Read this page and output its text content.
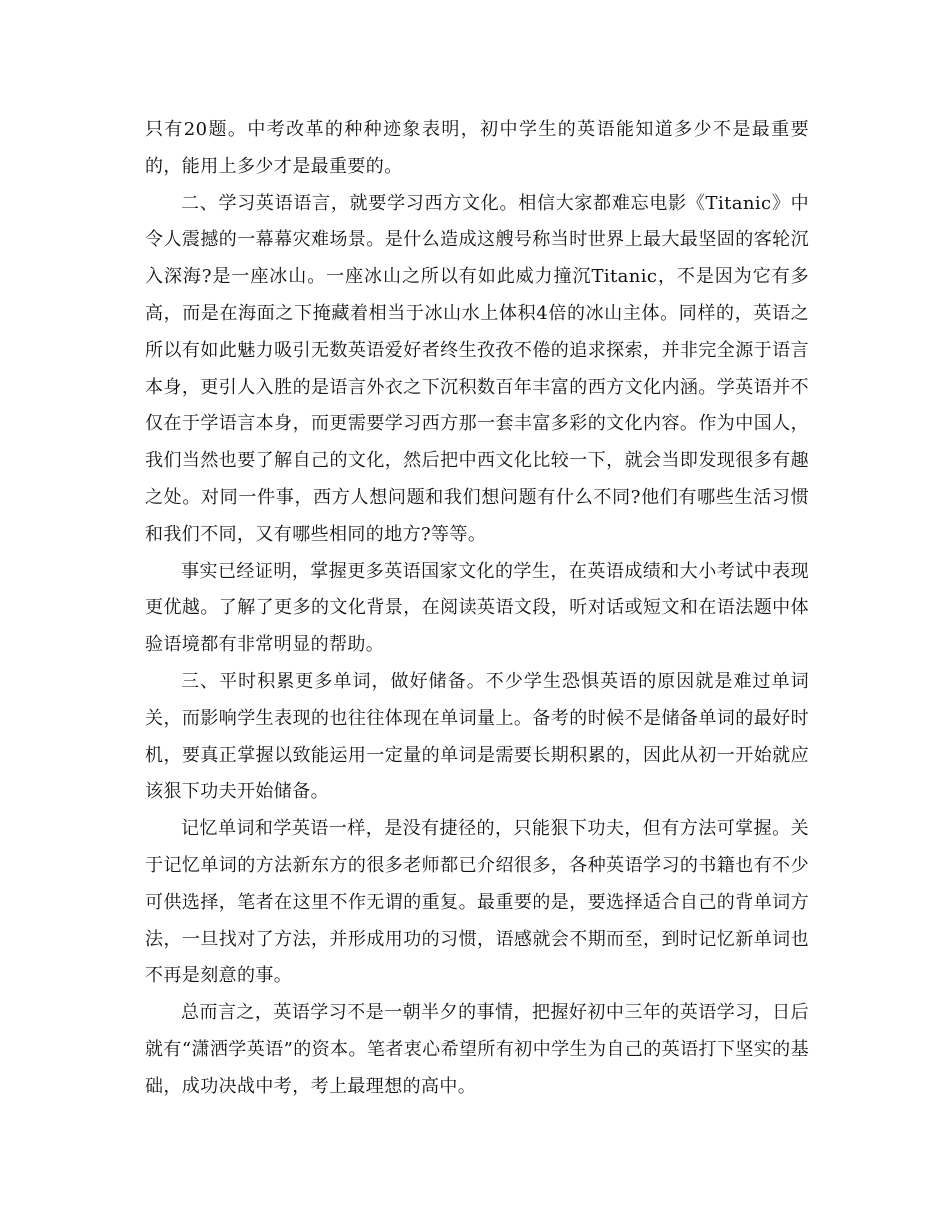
只有20题。中考改革的种种迹象表明，初中学生的英语能知道多少不是最重要的，能用上多少才是最重要的。

二、学习英语语言，就要学习西方文化。相信大家都难忘电影《Titanic》中令人震撼的一幕幕灾难场景。是什么造成这艘号称当时世界上最大最坚固的客轮沉入深海?是一座冰山。一座冰山之所以有如此威力撞沉Titanic，不是因为它有多高，而是在海面之下掩藏着相当于冰山水上体积4倍的冰山主体。同样的，英语之所以有如此魅力吸引无数英语爱好者终生孜孜不倦的追求探索，并非完全源于语言本身，更引人入胜的是语言外衣之下沉积数百年丰富的西方文化内涵。学英语并不仅在于学语言本身，而更需要学习西方那一套丰富多彩的文化内容。作为中国人，我们当然也要了解自己的文化，然后把中西文化比较一下，就会当即发现很多有趣之处。对同一件事，西方人想问题和我们想问题有什么不同?他们有哪些生活习惯和我们不同，又有哪些相同的地方?等等。

事实已经证明，掌握更多英语国家文化的学生，在英语成绩和大小考试中表现更优越。了解了更多的文化背景，在阅读英语文段，听对话或短文和在语法题中体验语境都有非常明显的帮助。

三、平时积累更多单词，做好储备。不少学生恐惧英语的原因就是难过单词关，而影响学生表现的也往往体现在单词量上。备考的时候不是储备单词的最好时机，要真正掌握以致能运用一定量的单词是需要长期积累的，因此从初一开始就应该狠下功夫开始储备。

记忆单词和学英语一样，是没有捷径的，只能狠下功夫，但有方法可掌握。关于记忆单词的方法新东方的很多老师都已介绍很多，各种英语学习的书籍也有不少可供选择，笔者在这里不作无谓的重复。最重要的是，要选择适合自己的背单词方法，一旦找对了方法，并形成用功的习惯，语感就会不期而至，到时记忆新单词也不再是刻意的事。

总而言之，英语学习不是一朝半夕的事情，把握好初中三年的英语学习，日后就有“潇洒学英语”的资本。笔者衷心希望所有初中学生为自己的英语打下坚实的基础，成功决战中考，考上最理想的高中。
